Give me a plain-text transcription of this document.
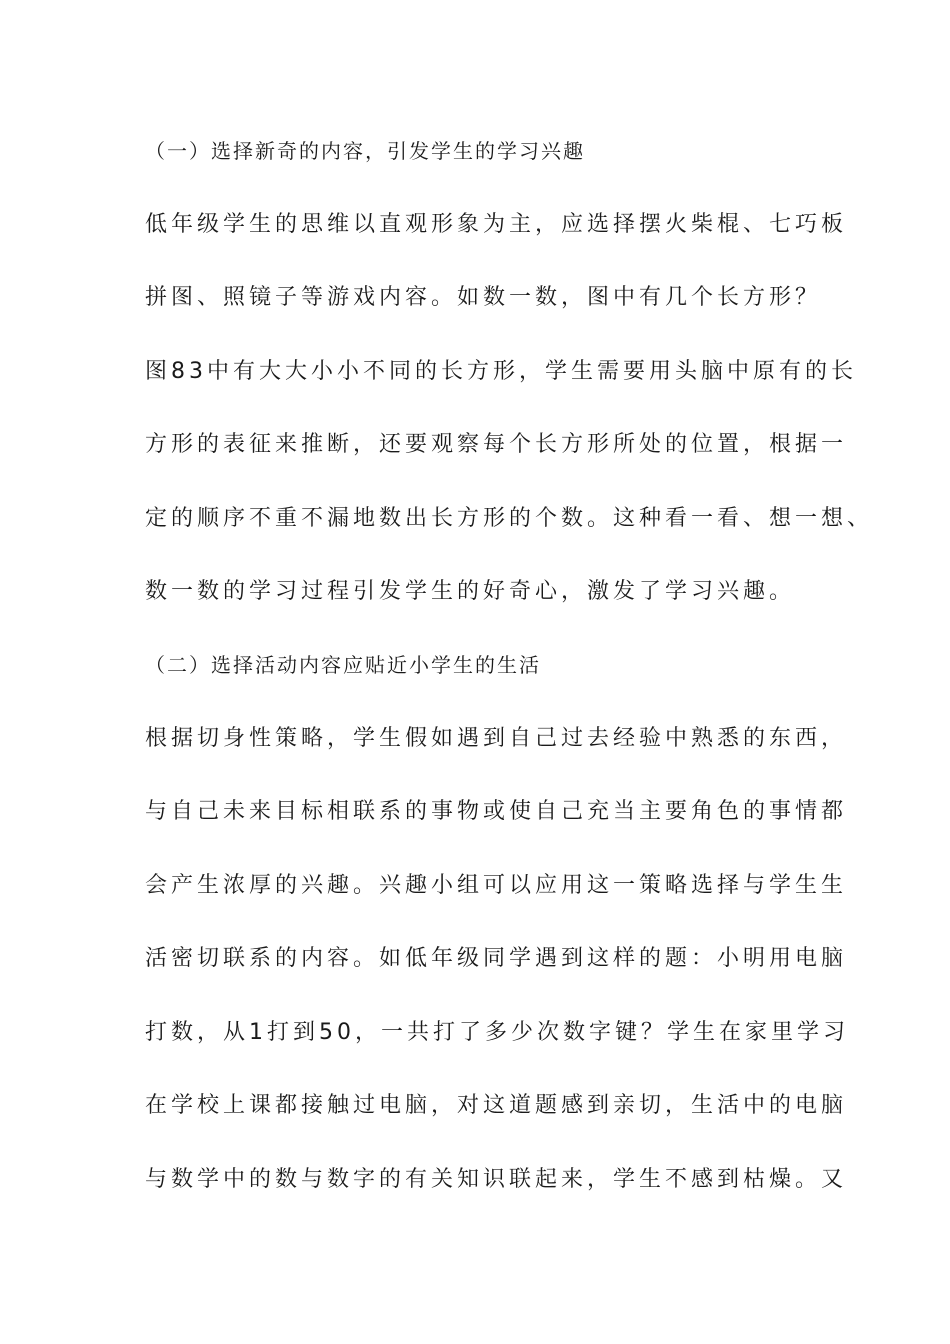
（一）选择新奇的内容，引发学生的学习兴趣
低年级学生的思维以直观形象为主，应选择摆火柴棍、七巧板
拼图、照镜子等游戏内容。如数一数，图中有几个长方形？
图83中有大大小小不同的长方形，学生需要用头脑中原有的长
方形的表征来推断，还要观察每个长方形所处的位置，根据一
定的顺序不重不漏地数出长方形的个数。这种看一看、想一想、
数一数的学习过程引发学生的好奇心，激发了学习兴趣。
（二）选择活动内容应贴近小学生的生活
根据切身性策略，学生假如遇到自己过去经验中熟悉的东西，
与自己未来目标相联系的事物或使自己充当主要角色的事情都
会产生浓厚的兴趣。兴趣小组可以应用这一策略选择与学生生
活密切联系的内容。如低年级同学遇到这样的题：小明用电脑
打数，从1打到50，一共打了多少次数字键？学生在家里学习
在学校上课都接触过电脑，对这道题感到亲切，生活中的电脑
与数学中的数与数字的有关知识联起来，学生不感到枯燥。又
